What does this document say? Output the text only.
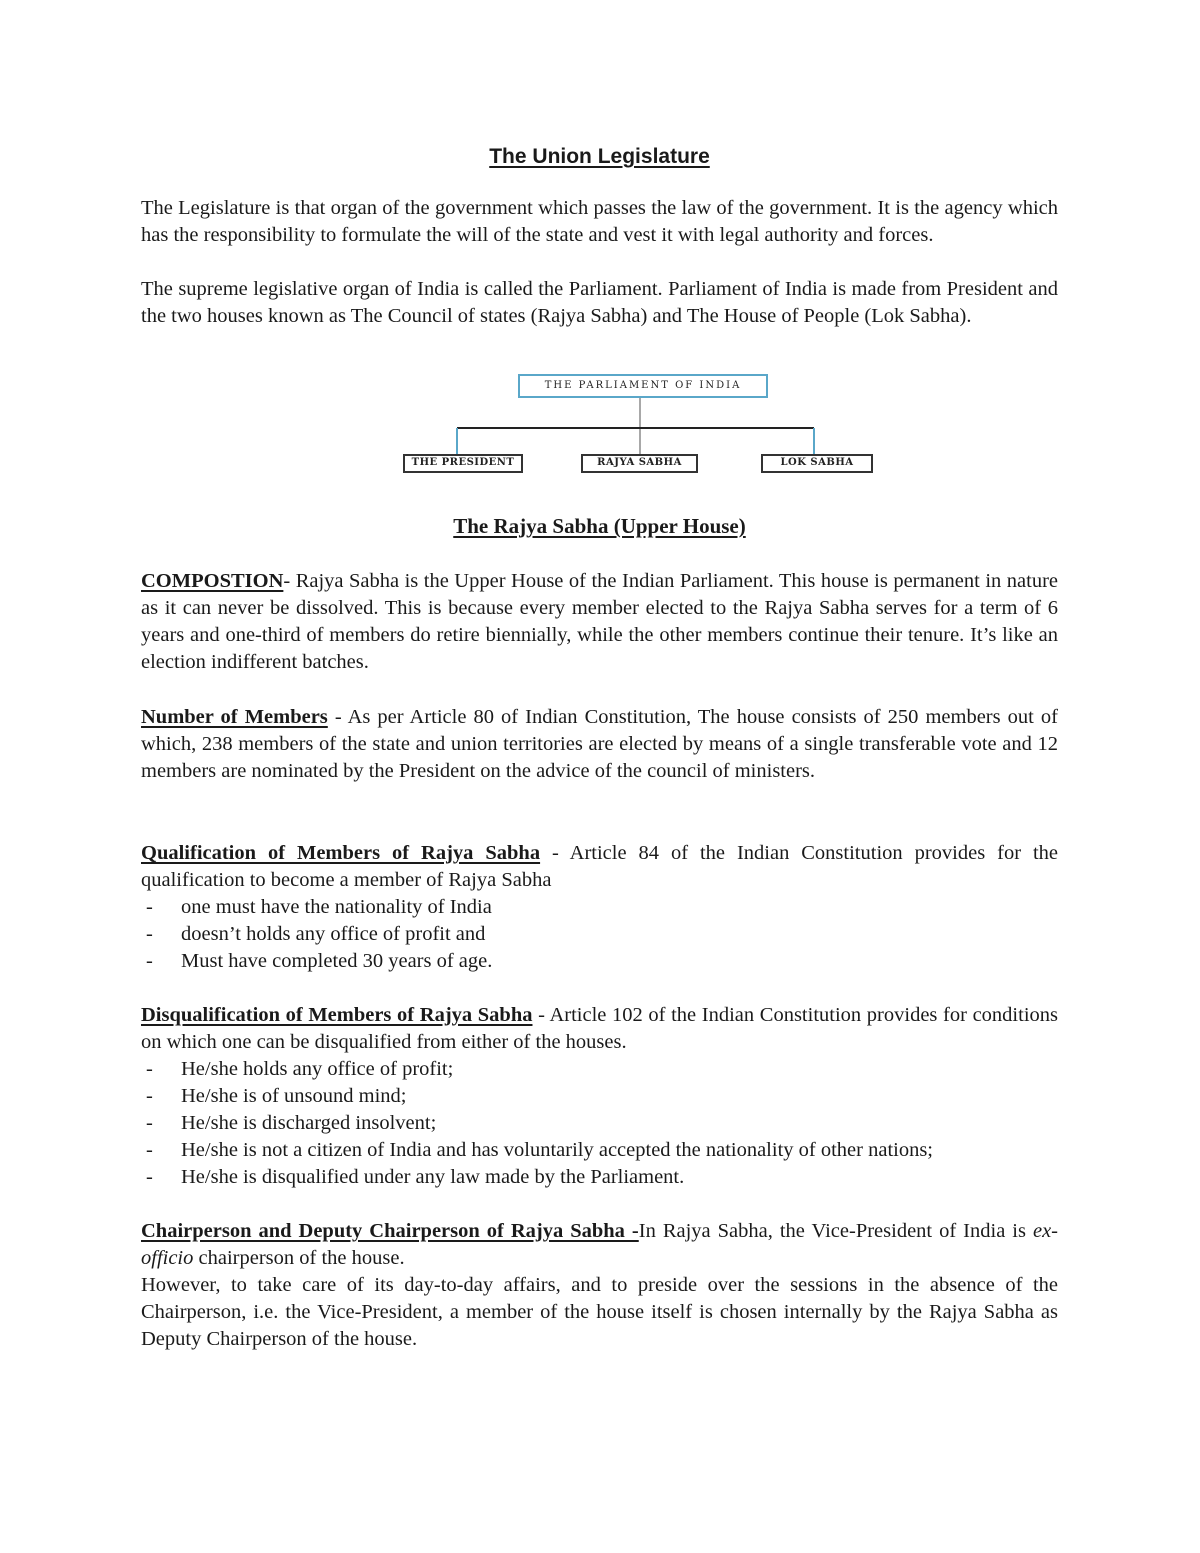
The Union Legislature

The Legislature is that organ of the government which passes the law of the government. It is the agency which has the responsibility to formulate the will of the state and vest it with legal authority and forces.

The supreme legislative organ of India is called the Parliament. Parliament of India is made from President and the two houses known as The Council of states (Rajya Sabha) and The House of People (Lok Sabha).

THE PARLIAMENT OF INDIA
THE PRESIDENT	RAJYA SABHA	LOK SABHA
The Rajya Sabha (Upper House)

COMPOSTION- Rajya Sabha is the Upper House of the Indian Parliament. This house is permanent in nature as it can never be dissolved. This is because every member elected to the Rajya Sabha serves for a term of 6 years and one-third of members do retire biennially, while the other members continue their tenure. It’s like an election indifferent batches.

Number of Members - As per Article 80 of Indian Constitution, The house consists of 250 members out of which, 238 members of the state and union territories are elected by means of a single transferable vote and 12 members are nominated by the President on the advice of the council of ministers.

Qualification of Members of Rajya Sabha - Article 84 of the Indian Constitution provides for the qualification to become a member of Rajya Sabha

-	one must have the nationality of India
-	doesn’t holds any office of profit and
-	Must have completed 30 years of age.

Disqualification of Members of Rajya Sabha - Article 102 of the Indian Constitution provides for conditions on which one can be disqualified from either of the houses.

-	He/she holds any office of profit;
-	He/she is of unsound mind;
-	He/she is discharged insolvent;
-	He/she is not a citizen of India and has voluntarily accepted the nationality of other nations;
-	He/she is disqualified under any law made by the Parliament.

Chairperson and Deputy Chairperson of Rajya Sabha -In Rajya Sabha, the Vice-President of India is ex-officio chairperson of the house.

However, to take care of its day-to-day affairs, and to preside over the sessions in the absence of the Chairperson, i.e. the Vice-President, a member of the house itself is chosen internally by the Rajya Sabha as Deputy Chairperson of the house.
